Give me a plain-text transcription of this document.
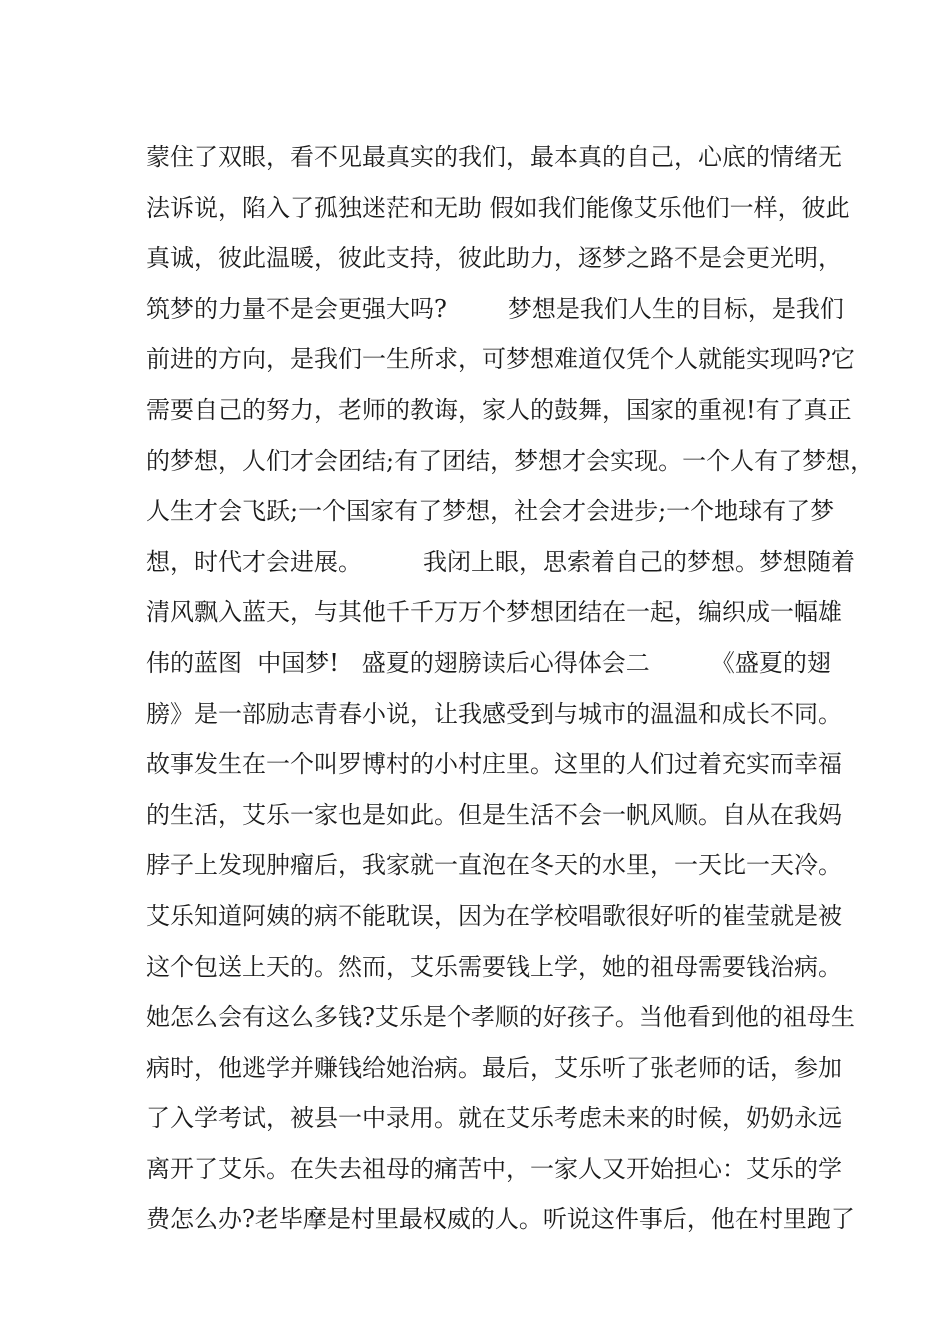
蒙住了双眼，看不见最真实的我们，最本真的自己，心底的情绪无
法诉说，陷入了孤独迷茫和无助 假如我们能像艾乐他们一样，彼此
真诚，彼此温暖，彼此支持，彼此助力，逐梦之路不是会更光明，
筑梦的力量不是会更强大吗?        梦想是我们人生的目标，是我们
前进的方向，是我们一生所求，可梦想难道仅凭个人就能实现吗?它
需要自己的努力，老师的教诲，家人的鼓舞，国家的重视!有了真正
的梦想，人们才会团结;有了团结，梦想才会实现。一个人有了梦想，
人生才会飞跃;一个国家有了梦想，社会才会进步;一个地球有了梦
想，时代才会进展。        我闭上眼，思索着自己的梦想。梦想随着
清风飘入蓝天，与其他千千万万个梦想团结在一起，编织成一幅雄
伟的蓝图  中国梦!   盛夏的翅膀读后心得体会二        《盛夏的翅
膀》是一部励志青春小说，让我感受到与城市的温温和成长不同。
故事发生在一个叫罗博村的小村庄里。这里的人们过着充实而幸福
的生活，艾乐一家也是如此。但是生活不会一帆风顺。自从在我妈
脖子上发现肿瘤后，我家就一直泡在冬天的水里，一天比一天冷。
艾乐知道阿姨的病不能耽误，因为在学校唱歌很好听的崔莹就是被
这个包送上天的。然而，艾乐需要钱上学，她的祖母需要钱治病。
她怎么会有这么多钱?艾乐是个孝顺的好孩子。当他看到他的祖母生
病时，他逃学并赚钱给她治病。最后，艾乐听了张老师的话，参加
了入学考试，被县一中录用。就在艾乐考虑未来的时候，奶奶永远
离开了艾乐。在失去祖母的痛苦中，一家人又开始担心：艾乐的学
费怎么办?老毕摩是村里最权威的人。听说这件事后，他在村里跑了
